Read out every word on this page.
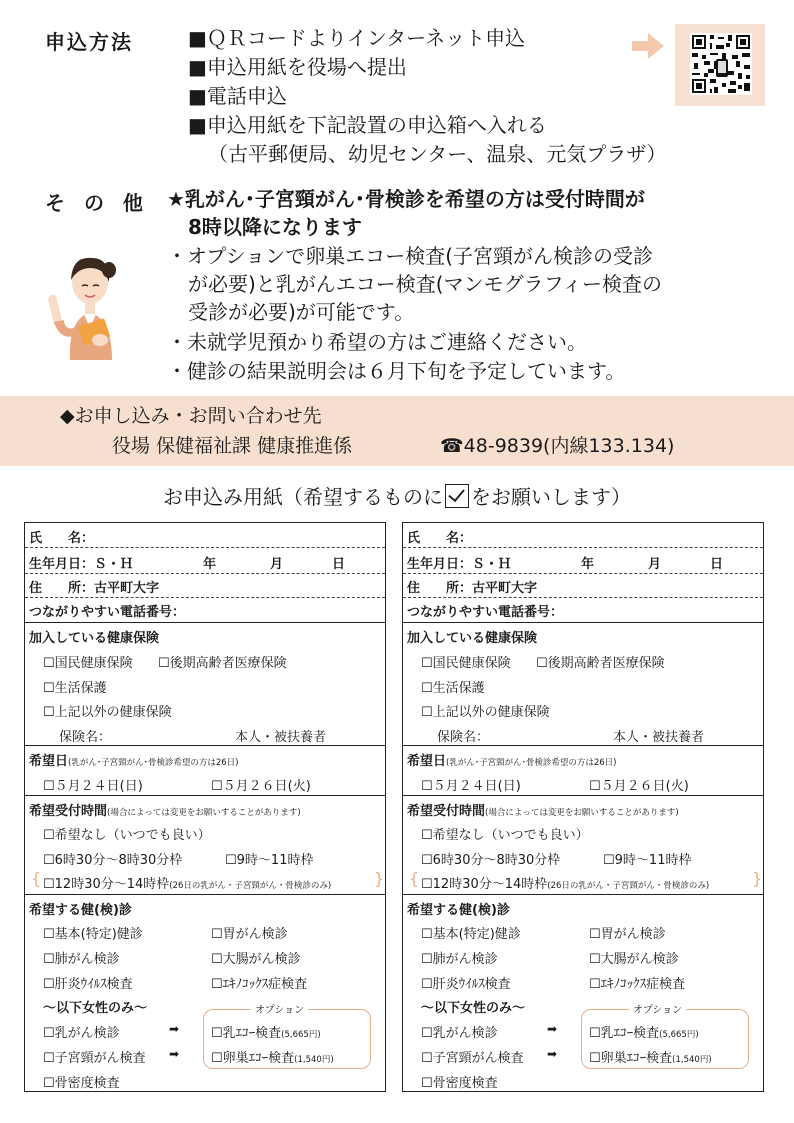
申込方法	■ＱＲコードよりインターネット申込
■申込用紙を役場へ提出
■電話申込
■申込用紙を下記設置の申込箱へ入れる
（古平郵便局、幼児センター、温泉、元気プラザ）
そ の 他 ★乳がん･子宮頸がん･骨検診を希望の方は受付時間が
8時以降になります
・オプションで卵巣エコー検査(子宮頸がん検診の受診
が必要)と乳がんエコー検査(マンモグラフィー検査の
受診が必要)が可能です。
・未就学児預かり希望の方はご連絡ください。
・健診の結果説明会は６月下旬を予定しています。
◆お申し込み・お問い合わせ先
役場 保健福祉課 健康推進係	☎48-9839(内線133.134)
お申込み用紙（希望するものに をお願いします）
氏　　名：
生年月日：Ｓ・Ｈ	年	月	日
住　　所：古平町大字
つながりやすい電話番号：
加入している健康保険
☐ 国民健康保険	☐ 後期高齢者医療保険
☐ 生活保護
☐ 上記以外の健康保険
保険名：	本人・被扶養者
希望日(乳がん･子宮頸がん･骨検診希望の方は26日)
☐ ５月２４日(日)	☐ ５月２６日(火)
希望受付時間(場合によっては変更をお願いすることがあります)
☐ 希望なし（いつでも良い）
☐ 6時30分～8時30分枠	☐ 9時～11時枠
{	☐ 12時30分～14時枠(26日の乳がん・子宮頸がん・骨検診のみ)	}
希望する健(検)診
☐ 基本(特定)健診	☐ 胃がん検診
☐ 肺がん検診	☐ 大腸がん検診
☐ 肝炎ｳｲﾙｽ検査	☐ ｴｷﾉｺｯｸｽ症検査
～以下女性のみ～	オプション
☐ 乳がん検診	➡	☐ 乳ｴｺｰ検査(5,665円)
☐ 子宮頸がん検査 ➡	☐ 卵巣ｴｺｰ検査(1,540円)
☐ 骨密度検査
氏　　名：
生年月日：Ｓ・Ｈ	年	月	日
住　　所：古平町大字
つながりやすい電話番号：
加入している健康保険
☐ 国民健康保険	☐ 後期高齢者医療保険
☐ 生活保護
☐ 上記以外の健康保険
保険名：	本人・被扶養者
希望日(乳がん･子宮頸がん･骨検診希望の方は26日)
☐ ５月２４日(日)	☐ ５月２６日(火)
希望受付時間(場合によっては変更をお願いすることがあります)
☐ 希望なし（いつでも良い）
☐ 6時30分～8時30分枠	☐ 9時～11時枠
{	☐ 12時30分～14時枠(26日の乳がん・子宮頸がん・骨検診のみ)	}
希望する健(検)診
☐ 基本(特定)健診	☐ 胃がん検診
☐ 肺がん検診	☐ 大腸がん検診
☐ 肝炎ｳｲﾙｽ検査	☐ ｴｷﾉｺｯｸｽ症検査
～以下女性のみ～	オプション
☐ 乳がん検診	➡	☐ 乳ｴｺｰ検査(5,665円)
☐ 子宮頸がん検査 ➡	☐ 卵巣ｴｺｰ検査(1,540円)
☐ 骨密度検査
